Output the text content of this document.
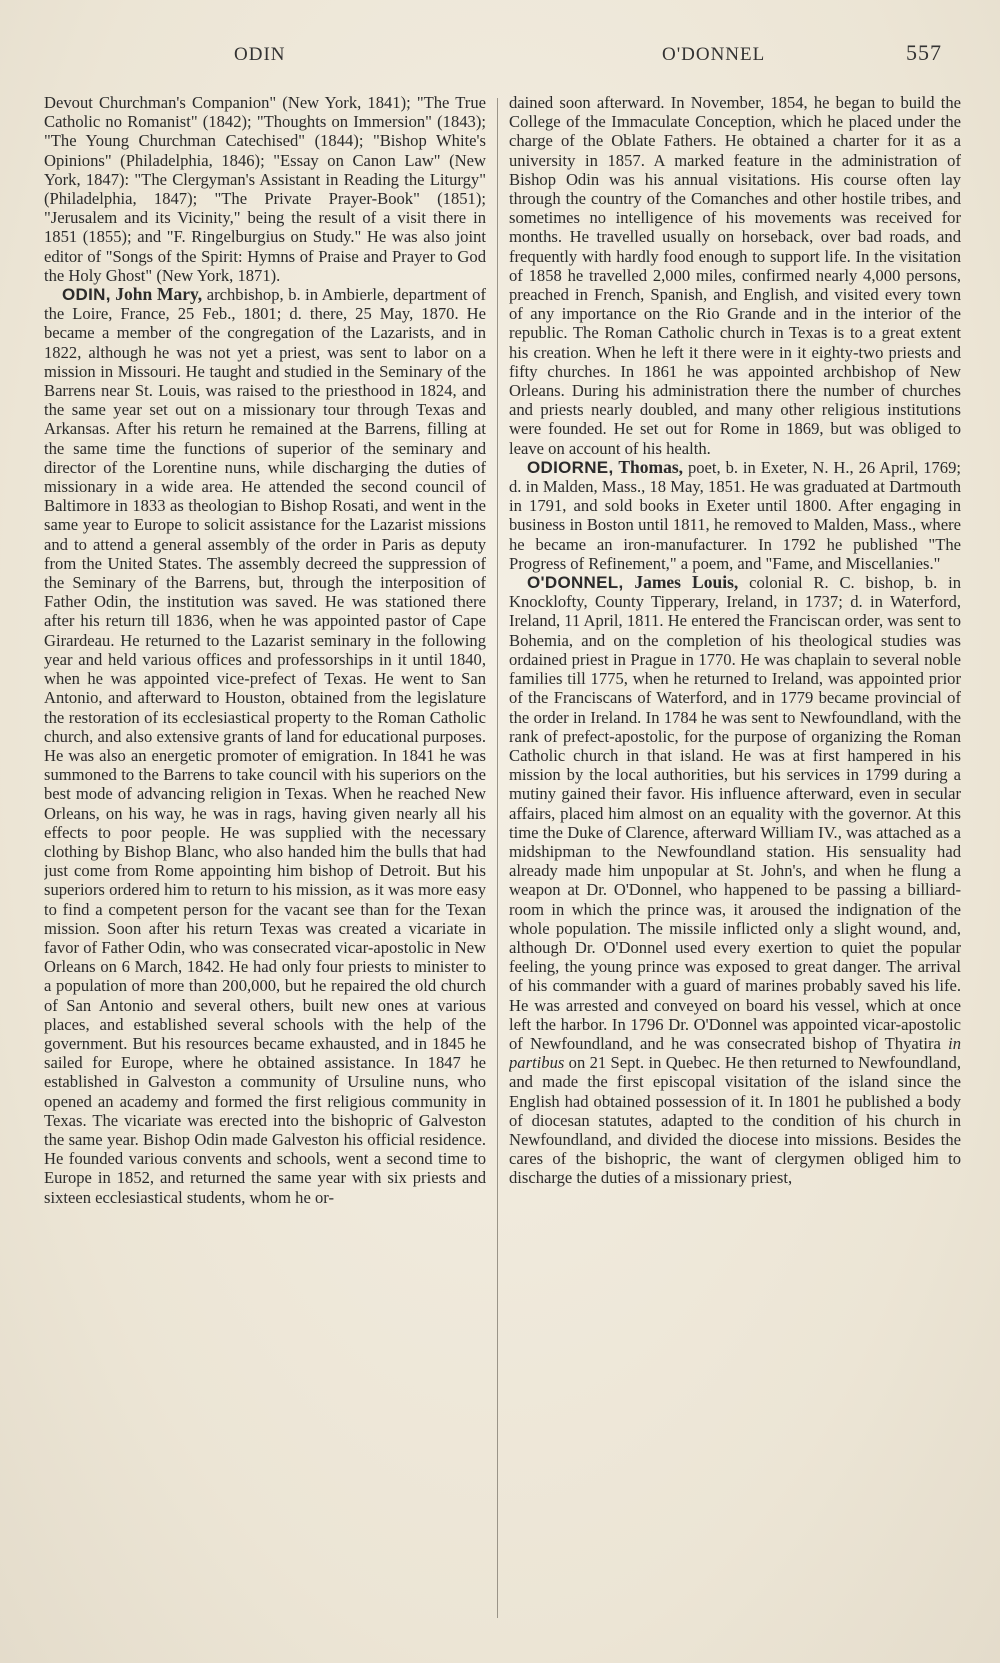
ODIN	O'DONNEL	557

Devout Churchman's Companion" (New York, 1841); "The True Catholic no Romanist" (1842); "Thoughts on Immersion" (1843); "The Young Churchman Catechised" (1844); "Bishop White's Opinions" (Philadelphia, 1846); "Essay on Canon Law" (New York, 1847): "The Clergyman's Assistant in Reading the Liturgy" (Philadelphia, 1847); "The Private Prayer-Book" (1851); "Jerusalem and its Vicinity," being the result of a visit there in 1851 (1855); and "F. Ringelburgius on Study." He was also joint editor of "Songs of the Spirit: Hymns of Praise and Prayer to God the Holy Ghost" (New York, 1871).

ODIN, John Mary, archbishop, b. in Ambierle, department of the Loire, France, 25 Feb., 1801; d. there, 25 May, 1870. He became a member of the congregation of the Lazarists, and in 1822, although he was not yet a priest, was sent to labor on a mission in Missouri. He taught and studied in the Seminary of the Barrens near St. Louis, was raised to the priesthood in 1824, and the same year set out on a missionary tour through Texas and Arkansas. After his return he remained at the Barrens, filling at the same time the functions of superior of the seminary and director of the Lorentine nuns, while discharging the duties of missionary in a wide area. He attended the second council of Baltimore in 1833 as theologian to Bishop Rosati, and went in the same year to Europe to solicit assistance for the Lazarist missions and to attend a general assembly of the order in Paris as deputy from the United States. The assembly decreed the suppression of the Seminary of the Barrens, but, through the interposition of Father Odin, the institution was saved. He was stationed there after his return till 1836, when he was appointed pastor of Cape Girardeau. He returned to the Lazarist seminary in the following year and held various offices and professorships in it until 1840, when he was appointed vice-prefect of Texas. He went to San Antonio, and afterward to Houston, obtained from the legislature the restoration of its ecclesiastical property to the Roman Catholic church, and also extensive grants of land for educational purposes. He was also an energetic promoter of emigration. In 1841 he was summoned to the Barrens to take council with his superiors on the best mode of advancing religion in Texas. When he reached New Orleans, on his way, he was in rags, having given nearly all his effects to poor people. He was supplied with the necessary clothing by Bishop Blanc, who also handed him the bulls that had just come from Rome appointing him bishop of Detroit. But his superiors ordered him to return to his mission, as it was more easy to find a competent person for the vacant see than for the Texan mission. Soon after his return Texas was created a vicariate in favor of Father Odin, who was consecrated vicar-apostolic in New Orleans on 6 March, 1842. He had only four priests to minister to a population of more than 200,000, but he repaired the old church of San Antonio and several others, built new ones at various places, and established several schools with the help of the government. But his resources became exhausted, and in 1845 he sailed for Europe, where he obtained assistance. In 1847 he established in Galveston a community of Ursuline nuns, who opened an academy and formed the first religious community in Texas. The vicariate was erected into the bishopric of Galveston the same year. Bishop Odin made Galveston his official residence. He founded various convents and schools, went a second time to Europe in 1852, and returned the same year with six priests and sixteen ecclesiastical students, whom he or-

dained soon afterward. In November, 1854, he began to build the College of the Immaculate Conception, which he placed under the charge of the Oblate Fathers. He obtained a charter for it as a university in 1857. A marked feature in the administration of Bishop Odin was his annual visitations. His course often lay through the country of the Comanches and other hostile tribes, and sometimes no intelligence of his movements was received for months. He travelled usually on horseback, over bad roads, and frequently with hardly food enough to support life. In the visitation of 1858 he travelled 2,000 miles, confirmed nearly 4,000 persons, preached in French, Spanish, and English, and visited every town of any importance on the Rio Grande and in the interior of the republic. The Roman Catholic church in Texas is to a great extent his creation. When he left it there were in it eighty-two priests and fifty churches. In 1861 he was appointed archbishop of New Orleans. During his administration there the number of churches and priests nearly doubled, and many other religious institutions were founded. He set out for Rome in 1869, but was obliged to leave on account of his health.

ODIORNE, Thomas, poet, b. in Exeter, N. H., 26 April, 1769; d. in Malden, Mass., 18 May, 1851. He was graduated at Dartmouth in 1791, and sold books in Exeter until 1800. After engaging in business in Boston until 1811, he removed to Malden, Mass., where he became an iron-manufacturer. In 1792 he published "The Progress of Refinement," a poem, and "Fame, and Miscellanies."

O'DONNEL, James Louis, colonial R. C. bishop, b. in Knocklofty, County Tipperary, Ireland, in 1737; d. in Waterford, Ireland, 11 April, 1811. He entered the Franciscan order, was sent to Bohemia, and on the completion of his theological studies was ordained priest in Prague in 1770. He was chaplain to several noble families till 1775, when he returned to Ireland, was appointed prior of the Franciscans of Waterford, and in 1779 became provincial of the order in Ireland. In 1784 he was sent to Newfoundland, with the rank of prefect-apostolic, for the purpose of organizing the Roman Catholic church in that island. He was at first hampered in his mission by the local authorities, but his services in 1799 during a mutiny gained their favor. His influence afterward, even in secular affairs, placed him almost on an equality with the governor. At this time the Duke of Clarence, afterward William IV., was attached as a midshipman to the Newfoundland station. His sensuality had already made him unpopular at St. John's, and when he flung a weapon at Dr. O'Donnel, who happened to be passing a billiard-room in which the prince was, it aroused the indignation of the whole population. The missile inflicted only a slight wound, and, although Dr. O'Donnel used every exertion to quiet the popular feeling, the young prince was exposed to great danger. The arrival of his commander with a guard of marines probably saved his life. He was arrested and conveyed on board his vessel, which at once left the harbor. In 1796 Dr. O'Donnel was appointed vicar-apostolic of Newfoundland, and he was consecrated bishop of Thyatira in partibus on 21 Sept. in Quebec. He then returned to Newfoundland, and made the first episcopal visitation of the island since the English had obtained possession of it. In 1801 he published a body of diocesan statutes, adapted to the condition of his church in Newfoundland, and divided the diocese into missions. Besides the cares of the bishopric, the want of clergymen obliged him to discharge the duties of a missionary priest,
